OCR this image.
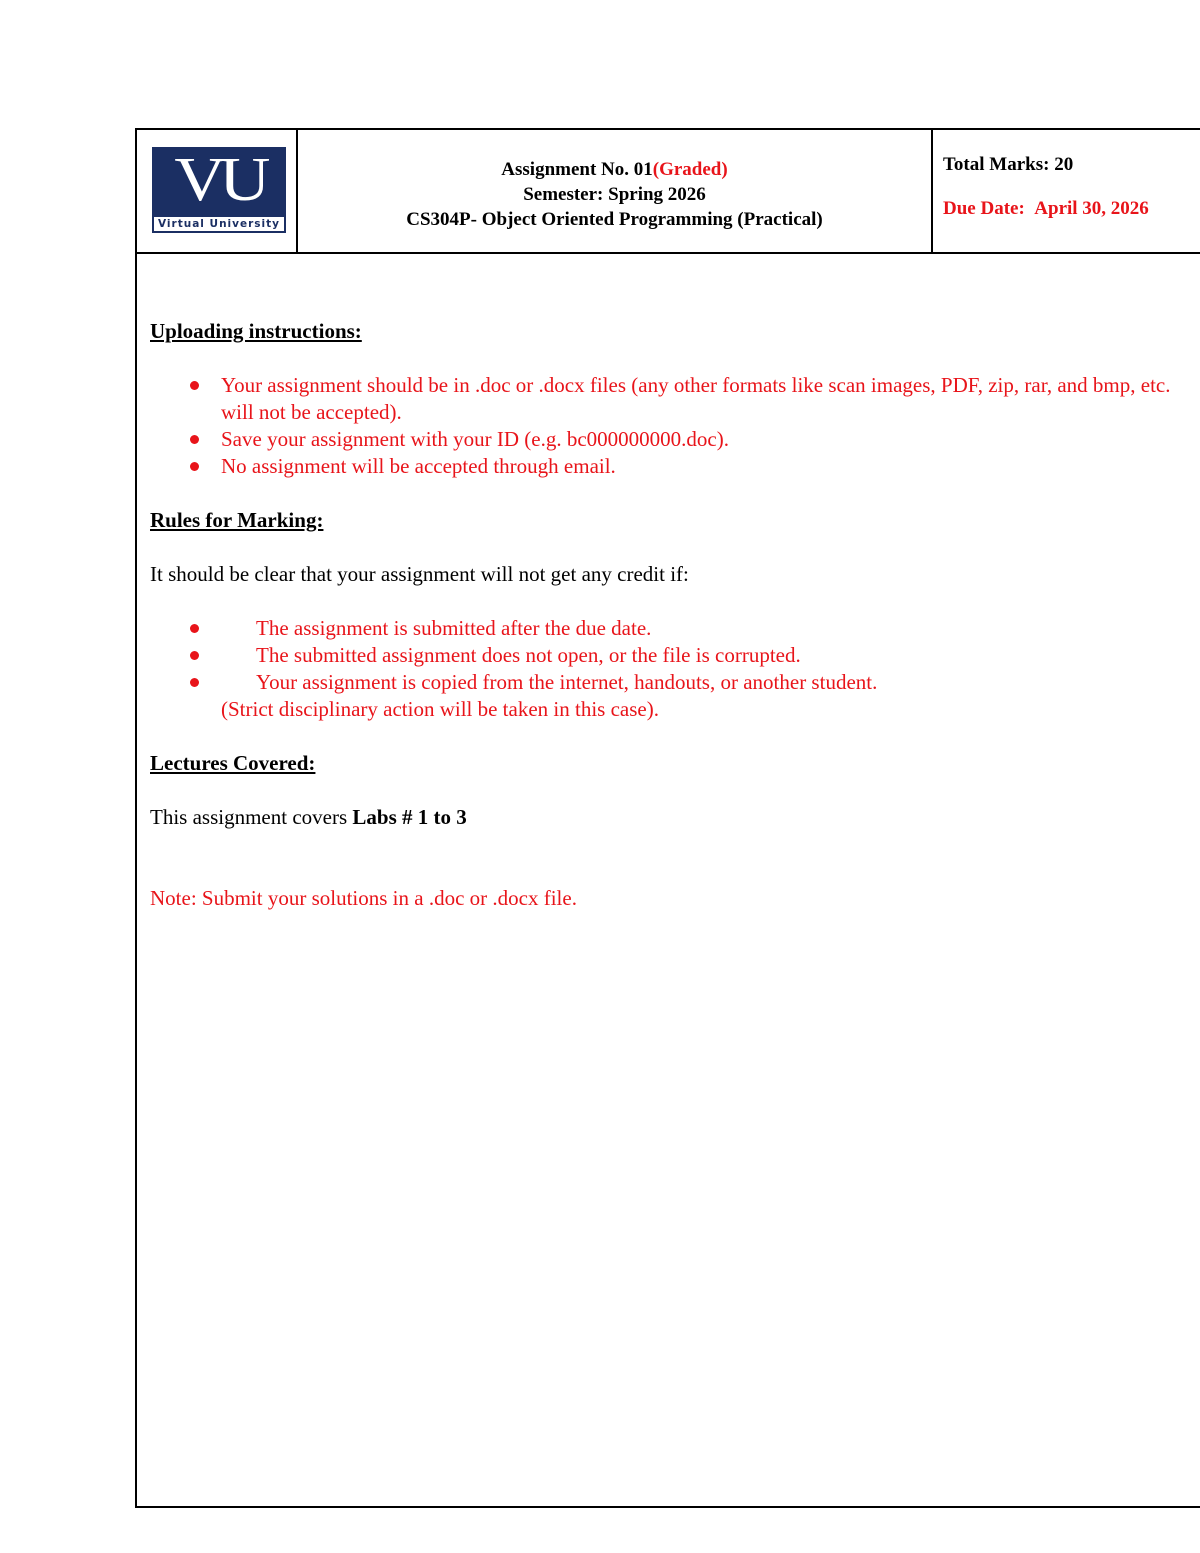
VU
Virtual University
Assignment No. 01(Graded)
Semester: Spring 2026
CS304P- Object Oriented Programming (Practical)
Total Marks: 20
Due Date: April 30, 2026

Uploading instructions:

Your assignment should be in .doc or .docx files (any other formats like scan images, PDF, zip, rar, and bmp, etc. will not be accepted).
Save your assignment with your ID (e.g. bc000000000.doc).
No assignment will be accepted through email.

Rules for Marking:

It should be clear that your assignment will not get any credit if:

The assignment is submitted after the due date.
The submitted assignment does not open, or the file is corrupted.
Your assignment is copied from the internet, handouts, or another student.

(Strict disciplinary action will be taken in this case).

Lectures Covered:

This assignment covers Labs # 1 to 3

Note: Submit your solutions in a .doc or .docx file.
